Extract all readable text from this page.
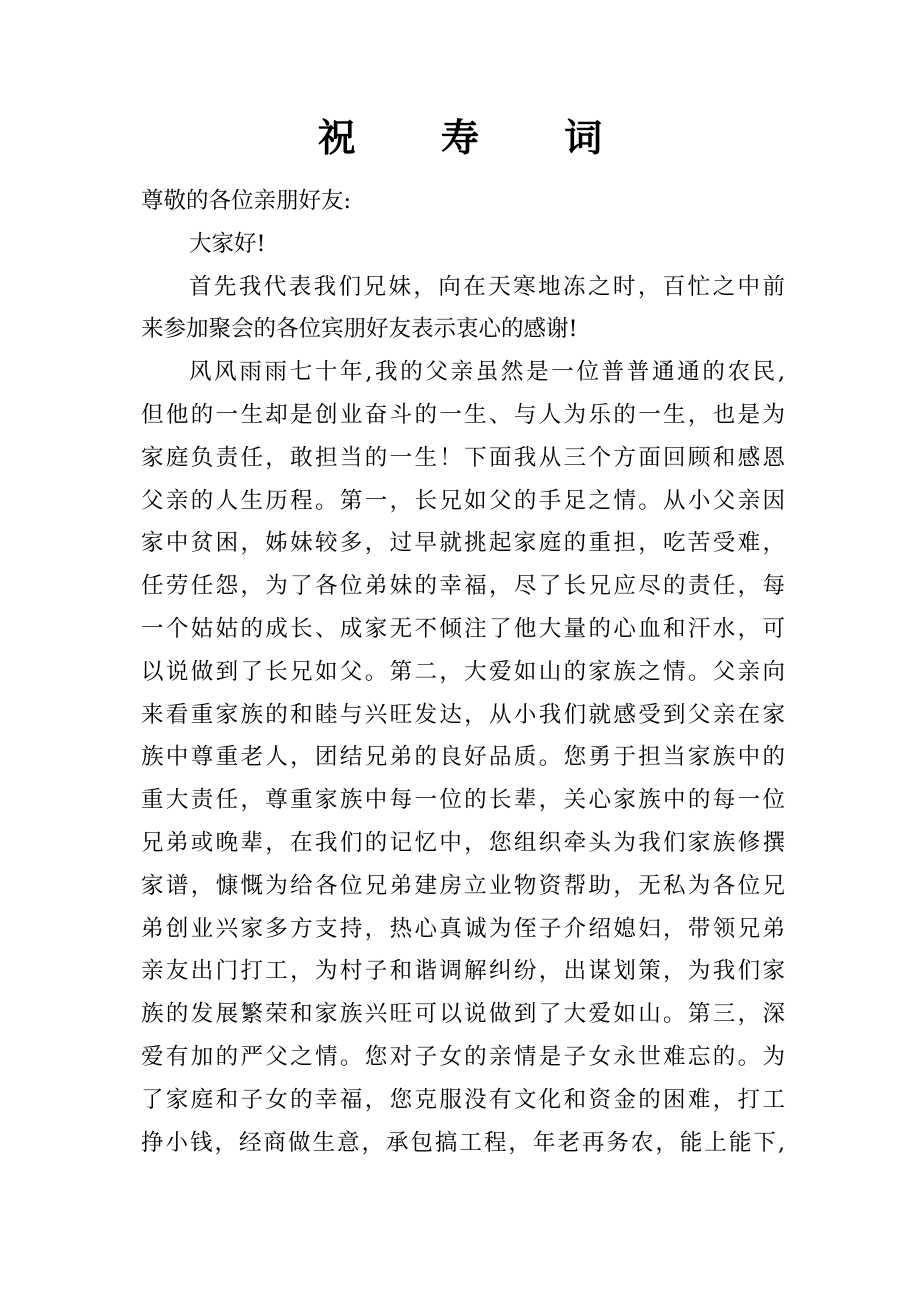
祝 寿 词
尊敬的各位亲朋好友:
大家好!
首先我代表我们兄妹，向在天寒地冻之时，百忙之中前
来参加聚会的各位宾朋好友表示衷心的感谢!
风风雨雨七十年,我的父亲虽然是一位普普通通的农民,
但他的一生却是创业奋斗的一生、与人为乐的一生，也是为
家庭负责任，敢担当的一生！下面我从三个方面回顾和感恩
父亲的人生历程。第一，长兄如父的手足之情。从小父亲因
家中贫困，姊妹较多，过早就挑起家庭的重担，吃苦受难，
任劳任怨，为了各位弟妹的幸福，尽了长兄应尽的责任，每
一个姑姑的成长、成家无不倾注了他大量的心血和汗水，可
以说做到了长兄如父。第二，大爱如山的家族之情。父亲向
来看重家族的和睦与兴旺发达，从小我们就感受到父亲在家
族中尊重老人，团结兄弟的良好品质。您勇于担当家族中的
重大责任，尊重家族中每一位的长辈，关心家族中的每一位
兄弟或晚辈，在我们的记忆中，您组织牵头为我们家族修撰
家谱，慷慨为给各位兄弟建房立业物资帮助，无私为各位兄
弟创业兴家多方支持，热心真诚为侄子介绍媳妇，带领兄弟
亲友出门打工，为村子和谐调解纠纷，出谋划策，为我们家
族的发展繁荣和家族兴旺可以说做到了大爱如山。第三，深
爱有加的严父之情。您对子女的亲情是子女永世难忘的。为
了家庭和子女的幸福，您克服没有文化和资金的困难，打工
挣小钱，经商做生意，承包搞工程，年老再务农，能上能下,
